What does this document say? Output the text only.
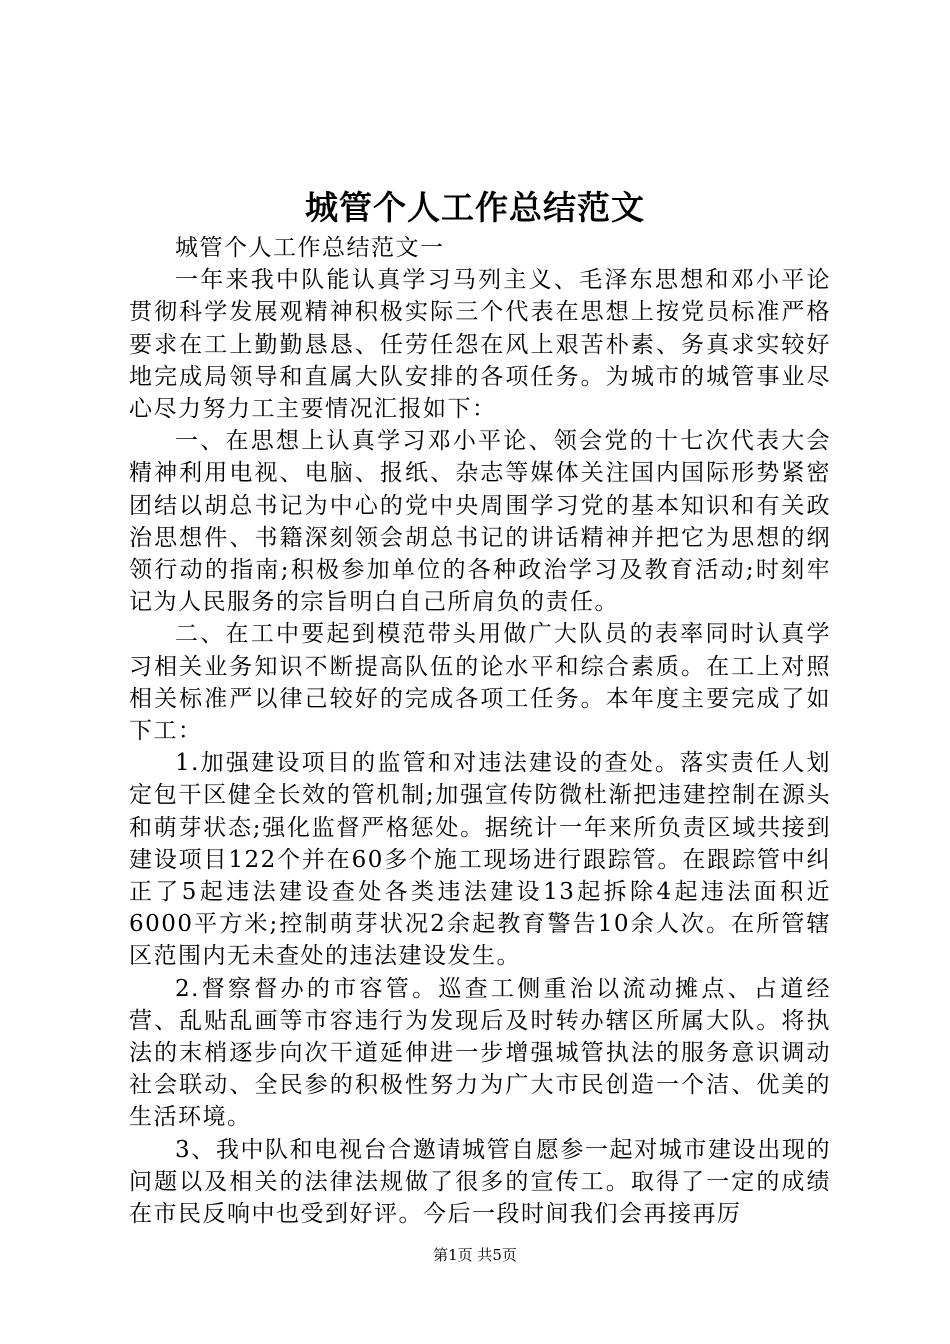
城管个人工作总结范文

城管个人工作总结范文一

一年来我中队能认真学习马列主义、毛泽东思想和邓小平论贯彻科学发展观精神积极实际三个代表在思想上按党员标准严格要求在工上勤勤恳恳、任劳任怨在风上艰苦朴素、务真求实较好地完成局领导和直属大队安排的各项任务。为城市的城管事业尽心尽力努力工主要情况汇报如下：

一、在思想上认真学习邓小平论、领会党的十七次代表大会精神利用电视、电脑、报纸、杂志等媒体关注国内国际形势紧密团结以胡总书记为中心的党中央周围学习党的基本知识和有关政治思想件、书籍深刻领会胡总书记的讲话精神并把它为思想的纲领行动的指南;积极参加单位的各种政治学习及教育活动;时刻牢记为人民服务的宗旨明白自己所肩负的责任。

二、在工中要起到模范带头用做广大队员的表率同时认真学习相关业务知识不断提高队伍的论水平和综合素质。在工上对照相关标准严以律己较好的完成各项工任务。本年度主要完成了如下工：

1.加强建设项目的监管和对违法建设的查处。落实责任人划定包干区健全长效的管机制;加强宣传防微杜渐把违建控制在源头和萌芽状态;强化监督严格惩处。据统计一年来所负责区域共接到建设项目122个并在60多个施工现场进行跟踪管。在跟踪管中纠正了5起违法建设查处各类违法建设13起拆除4起违法面积近6000平方米;控制萌芽状况2余起教育警告10余人次。在所管辖区范围内无未查处的违法建设发生。

2.督察督办的市容管。巡查工侧重治以流动摊点、占道经营、乱贴乱画等市容违行为发现后及时转办辖区所属大队。将执法的末梢逐步向次干道延伸进一步增强城管执法的服务意识调动社会联动、全民参的积极性努力为广大市民创造一个洁、优美的生活环境。

3、我中队和电视台合邀请城管自愿参一起对城市建设出现的问题以及相关的法律法规做了很多的宣传工。取得了一定的成绩在市民反响中也受到好评。今后一段时间我们会再接再厉

第1页 共5页
